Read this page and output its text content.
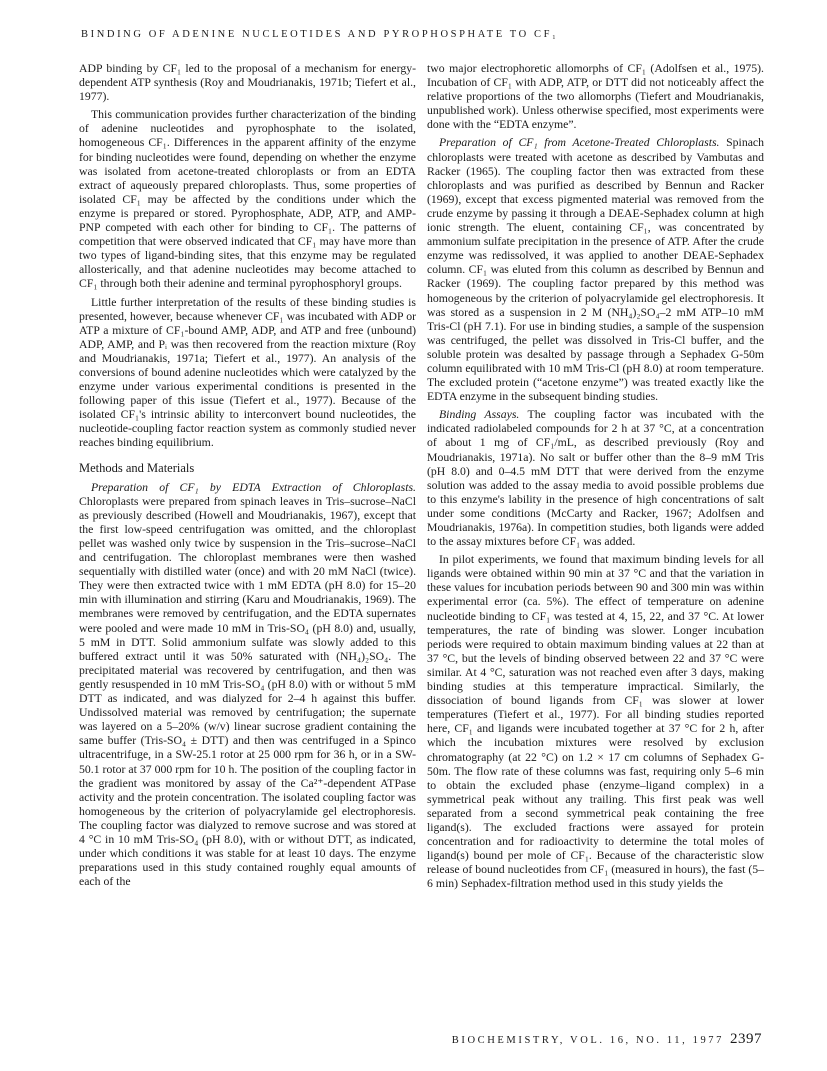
BINDING OF ADENINE NUCLEOTIDES AND PYROPHOSPHATE TO CF₁

ADP binding by CF₁ led to the proposal of a mechanism for energy-dependent ATP synthesis (Roy and Moudrianakis, 1971b; Tiefert et al., 1977).

This communication provides further characterization of the binding of adenine nucleotides and pyrophosphate to the isolated, homogeneous CF₁. Differences in the apparent affinity of the enzyme for binding nucleotides were found, depending on whether the enzyme was isolated from acetone-treated chloroplasts or from an EDTA extract of aqueously prepared chloroplasts. Thus, some properties of isolated CF₁ may be affected by the conditions under which the enzyme is prepared or stored. Pyrophosphate, ADP, ATP, and AMP-PNP competed with each other for binding to CF₁. The patterns of competition that were observed indicated that CF₁ may have more than two types of ligand-binding sites, that this enzyme may be regulated allosterically, and that adenine nucleotides may become attached to CF₁ through both their adenine and terminal pyrophosphoryl groups.

Little further interpretation of the results of these binding studies is presented, however, because whenever CF₁ was incubated with ADP or ATP a mixture of CF₁-bound AMP, ADP, and ATP and free (unbound) ADP, AMP, and Pᵢ was then recovered from the reaction mixture (Roy and Moudrianakis, 1971a; Tiefert et al., 1977). An analysis of the conversions of bound adenine nucleotides which were catalyzed by the enzyme under various experimental conditions is presented in the following paper of this issue (Tiefert et al., 1977). Because of the isolated CF₁'s intrinsic ability to interconvert bound nucleotides, the nucleotide-coupling factor reaction system as commonly studied never reaches binding equilibrium.

Methods and Materials

Preparation of CF₁ by EDTA Extraction of Chloroplasts. Chloroplasts were prepared from spinach leaves in Tris–sucrose–NaCl as previously described (Howell and Moudrianakis, 1967), except that the first low-speed centrifugation was omitted, and the chloroplast pellet was washed only twice by suspension in the Tris–sucrose–NaCl and centrifugation. The chloroplast membranes were then washed sequentially with distilled water (once) and with 20 mM NaCl (twice). They were then extracted twice with 1 mM EDTA (pH 8.0) for 15–20 min with illumination and stirring (Karu and Moudrianakis, 1969). The membranes were removed by centrifugation, and the EDTA supernates were pooled and were made 10 mM in Tris-SO₄ (pH 8.0) and, usually, 5 mM in DTT. Solid ammonium sulfate was slowly added to this buffered extract until it was 50% saturated with (NH₄)₂SO₄. The precipitated material was recovered by centrifugation, and then was gently resuspended in 10 mM Tris-SO₄ (pH 8.0) with or without 5 mM DTT as indicated, and was dialyzed for 2–4 h against this buffer. Undissolved material was removed by centrifugation; the supernate was layered on a 5–20% (w/v) linear sucrose gradient containing the same buffer (Tris-SO₄ ± DTT) and then was centrifuged in a Spinco ultracentrifuge, in a SW-25.1 rotor at 25 000 rpm for 36 h, or in a SW-50.1 rotor at 37 000 rpm for 10 h. The position of the coupling factor in the gradient was monitored by assay of the Ca²⁺-dependent ATPase activity and the protein concentration. The isolated coupling factor was homogeneous by the criterion of polyacrylamide gel electrophoresis. The coupling factor was dialyzed to remove sucrose and was stored at 4 °C in 10 mM Tris-SO₄ (pH 8.0), with or without DTT, as indicated, under which conditions it was stable for at least 10 days. The enzyme preparations used in this study contained roughly equal amounts of each of the

two major electrophoretic allomorphs of CF₁ (Adolfsen et al., 1975). Incubation of CF₁ with ADP, ATP, or DTT did not noticeably affect the relative proportions of the two allomorphs (Tiefert and Moudrianakis, unpublished work). Unless otherwise specified, most experiments were done with the “EDTA enzyme”.

Preparation of CF₁ from Acetone-Treated Chloroplasts. Spinach chloroplasts were treated with acetone as described by Vambutas and Racker (1965). The coupling factor then was extracted from these chloroplasts and was purified as described by Bennun and Racker (1969), except that excess pigmented material was removed from the crude enzyme by passing it through a DEAE-Sephadex column at high ionic strength. The eluent, containing CF₁, was concentrated by ammonium sulfate precipitation in the presence of ATP. After the crude enzyme was redissolved, it was applied to another DEAE-Sephadex column. CF₁ was eluted from this column as described by Bennun and Racker (1969). The coupling factor prepared by this method was homogeneous by the criterion of polyacrylamide gel electrophoresis. It was stored as a suspension in 2 M (NH₄)₂SO₄–2 mM ATP–10 mM Tris-Cl (pH 7.1). For use in binding studies, a sample of the suspension was centrifuged, the pellet was dissolved in Tris-Cl buffer, and the soluble protein was desalted by passage through a Sephadex G-50m column equilibrated with 10 mM Tris-Cl (pH 8.0) at room temperature. The excluded protein (“acetone enzyme”) was treated exactly like the EDTA enzyme in the subsequent binding studies.

Binding Assays. The coupling factor was incubated with the indicated radiolabeled compounds for 2 h at 37 °C, at a concentration of about 1 mg of CF₁/mL, as described previously (Roy and Moudrianakis, 1971a). No salt or buffer other than the 8–9 mM Tris (pH 8.0) and 0–4.5 mM DTT that were derived from the enzyme solution was added to the assay media to avoid possible problems due to this enzyme's lability in the presence of high concentrations of salt under some conditions (McCarty and Racker, 1967; Adolfsen and Moudrianakis, 1976a). In competition studies, both ligands were added to the assay mixtures before CF₁ was added.

In pilot experiments, we found that maximum binding levels for all ligands were obtained within 90 min at 37 °C and that the variation in these values for incubation periods between 90 and 300 min was within experimental error (ca. 5%). The effect of temperature on adenine nucleotide binding to CF₁ was tested at 4, 15, 22, and 37 °C. At lower temperatures, the rate of binding was slower. Longer incubation periods were required to obtain maximum binding values at 22 than at 37 °C, but the levels of binding observed between 22 and 37 °C were similar. At 4 °C, saturation was not reached even after 3 days, making binding studies at this temperature impractical. Similarly, the dissociation of bound ligands from CF₁ was slower at lower temperatures (Tiefert et al., 1977). For all binding studies reported here, CF₁ and ligands were incubated together at 37 °C for 2 h, after which the incubation mixtures were resolved by exclusion chromatography (at 22 °C) on 1.2 × 17 cm columns of Sephadex G-50m. The flow rate of these columns was fast, requiring only 5–6 min to obtain the excluded phase (enzyme–ligand complex) in a symmetrical peak without any trailing. This first peak was well separated from a second symmetrical peak containing the free ligand(s). The excluded fractions were assayed for protein concentration and for radioactivity to determine the total moles of ligand(s) bound per mole of CF₁. Because of the characteristic slow release of bound nucleotides from CF₁ (measured in hours), the fast (5–6 min) Sephadex-filtration method used in this study yields the

BIOCHEMISTRY, VOL. 16, NO. 11, 1977 2397
